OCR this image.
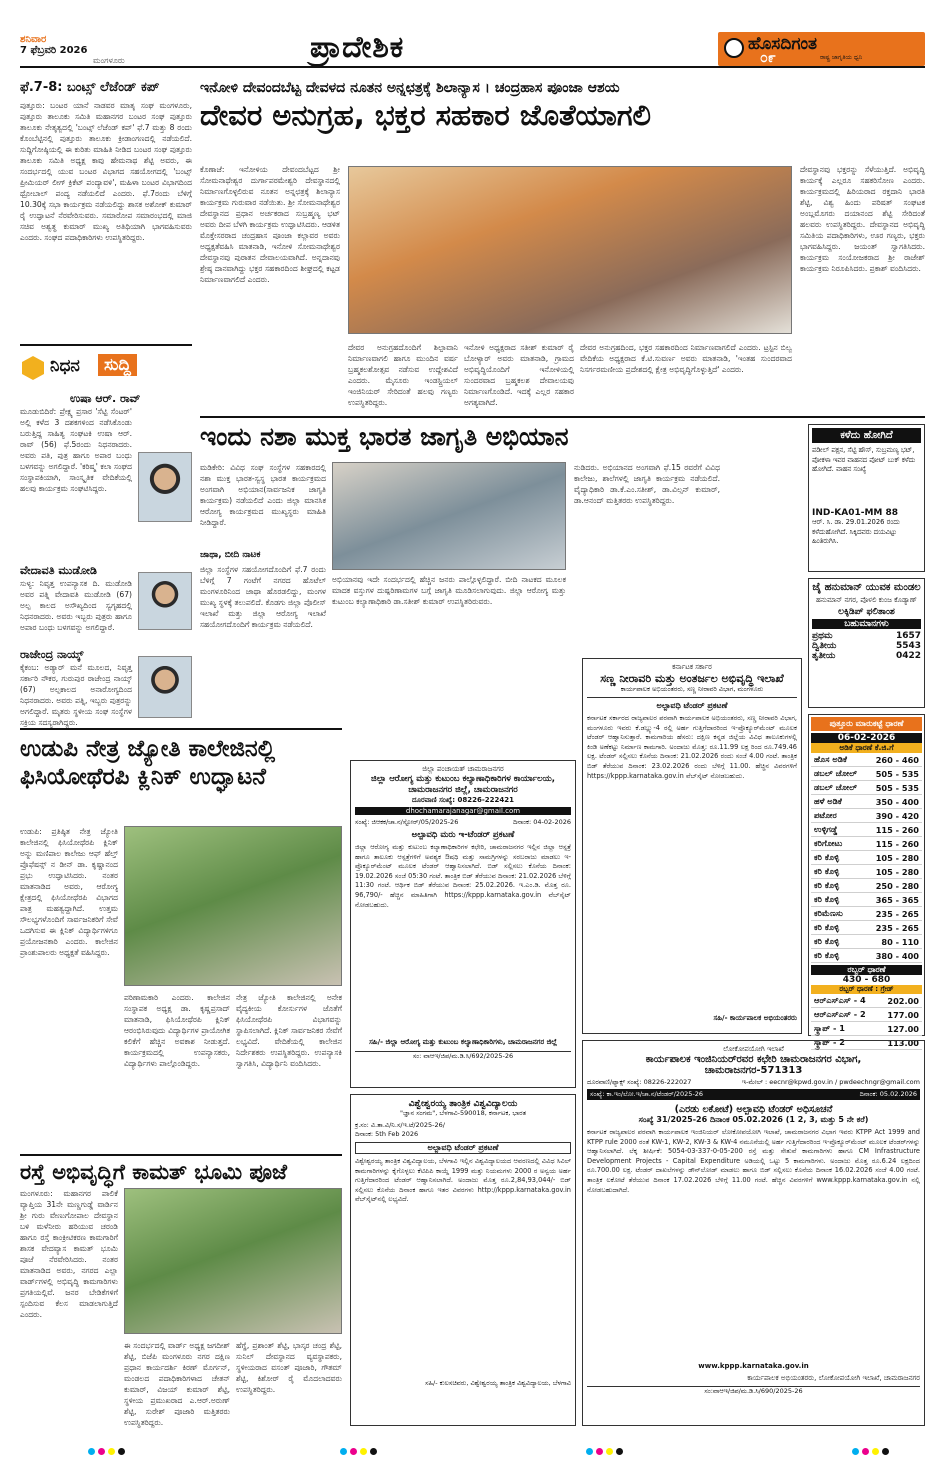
ಶನಿವಾರ
7 ಫೆಬ್ರವರಿ 2026
ಮಂಗಳೂರು	ಪ್ರಾದೇಶಿಕ	ಹೊಸದಿಗಂತ
ರಾಷ್ಟ್ರ ಜಾಗೃತಿಯ ಧ್ವನಿ
೦೯
ಫೆ.7-8: ಬಂಟ್ಸ್ ಲೆಜೆಂಡ್ ಕಪ್
ಪುತ್ತೂರು: ಬಂಟರ ಯಾನೆ ನಾಡವರ ಮಾತೃ ಸಂಘ ಮಂಗಳೂರು, ಪುತ್ತೂರು ತಾಲೂಕು ಸಮಿತಿ ಮಹಾನಗರ ಬಂಟರ ಸಂಘ ಪುತ್ತೂರು ತಾಲೂಕು ನೇತೃತ್ವದಲ್ಲಿ 'ಬಂಟ್ಸ್ ಲೆಜೆಂಡ್ ಕಪ್' ಫೆ.7 ಮತ್ತು 8 ರಂದು ಕೊಂಬೆಟ್ಟಿನಲ್ಲಿ ಪುತ್ತೂರು ತಾಲೂಕು ಕ್ರೀಡಾಂಗಣದಲ್ಲಿ ನಡೆಯಲಿದೆ. ಸುದ್ದಿಗೋಷ್ಠಿಯಲ್ಲಿ ಈ ಕುರಿತು ಮಾಹಿತಿ ನೀಡಿದ ಬಂಟರ ಸಂಘ ಪುತ್ತೂರು ತಾಲೂಕು ಸಮಿತಿ ಅಧ್ಯಕ್ಷ ಕಾವು ಹೇಮನಾಥ ಶೆಟ್ಟಿ ಅವರು, ಈ ಸಂದರ್ಭದಲ್ಲಿ ಯುವ ಬಂಟರ ವಿಭಾಗದ ಸಹಯೋಗದಲ್ಲಿ 'ಬಂಟ್ಸ್ ಪ್ರೀಮಿಯರ್ ಲೀಗ್ ಕ್ರಿಕೆಟ್ ಪಂದ್ಯಾವಳಿ', ಮಹಿಳಾ ಬಂಟರ ವಿಭಾಗದಿಂದ ಥ್ರೋಬಾಲ್ ಪಂದ್ಯ ನಡೆಯಲಿದೆ ಎಂದರು. ಫೆ.7ರಂದು ಬೆಳಿಗ್ಗೆ 10.30ಕ್ಕೆ ಸಭಾ ಕಾರ್ಯಕ್ರಮ ನಡೆಯಲಿದ್ದು ಶಾಸಕ ಅಶೋಕ್ ಕುಮಾರ್ ರೈ ಉದ್ಘಾಟನೆ ನೆರವೇರಿಸುವರು. ಸಮಾರೋಪ ಸಮಾರಂಭದಲ್ಲಿ ಮಾಜಿ ಸಚಿವ ಅಶ್ವತ್ಥ ಕುಮಾರ್ ಮುಖ್ಯ ಅತಿಥಿಯಾಗಿ ಭಾಗವಹಿಸುವರು ಎಂದರು. ಸಂಘದ ಪದಾಧಿಕಾರಿಗಳು ಉಪಸ್ಥಿತರಿದ್ದರು.
ನಿಧನ	ಸುದ್ದಿ
ಉಷಾ ಆರ್. ರಾವ್
ಮೂಡುಬಿದಿರೆ: ಪ್ರೇಕ್ಷ್ಯ ಪ್ರಸಾರ 'ಸೆಟ್ಟಿ ಸೆಂಟರ್' ಅಲ್ಲಿ ಕಳೆದ 3 ದಶಕಗಳಿಂದ ನಡೆಸಿಕೊಂಡು ಬರುತ್ತಿದ್ದ ಸಾಹಿತ್ಯ ಸಂಘಟಕಿ ಉಷಾ ಆರ್. ರಾವ್ (56) ಫೆ.5ರಂದು ನಿಧನರಾದರು. ಅವರು ಪತಿ, ಪುತ್ರ ಹಾಗೂ ಅಪಾರ ಬಂಧು ಬಳಗವನ್ನು ಅಗಲಿದ್ದಾರೆ. 'ಕರಿಷ್ಮ' ಕಲಾ ಸಂಘದ ಸಂಸ್ಥಾಪಕಿಯಾಗಿ, ಸಾಂಸ್ಕೃತಿಕ ವೇದಿಕೆಯಲ್ಲಿ ಹಲವು ಕಾರ್ಯಕ್ರಮ ಸಂಘಟಿಸಿದ್ದರು.
ವೇದಾವತಿ ಮುಡೋಡಿ
ಸುಳ್ಯ: ನಿವೃತ್ತ ಉಪನ್ಯಾಸಕ ದಿ. ಮುಡೋಡಿ ಅವರ ಪತ್ನಿ ವೇದಾವತಿ ಮುಡೋಡಿ (67) ಅಲ್ಪ ಕಾಲದ ಅಸೌಖ್ಯದಿಂದ ಸ್ವಗೃಹದಲ್ಲಿ ನಿಧನರಾದರು. ಅವರು ಇಬ್ಬರು ಪುತ್ರರು ಹಾಗೂ ಅಪಾರ ಬಂಧು ಬಳಗವನ್ನು ಅಗಲಿದ್ದಾರೆ.
ರಾಜೇಂದ್ರ ನಾಯ್ಕ್
ಕೈಕಂಬ: ಅಡ್ಯಾರ್ ಮನೆ ಮೂಲದ, ನಿವೃತ್ತ ಸರ್ಕಾರಿ ನೌಕರ, ಗುರುಪುರ ರಾಜೇಂದ್ರ ನಾಯ್ಕ್ (67) ಅಲ್ಪಕಾಲದ ಅನಾರೋಗ್ಯದಿಂದ ನಿಧನರಾದರು. ಅವರು ಪತ್ನಿ, ಇಬ್ಬರು ಪುತ್ರರನ್ನು ಅಗಲಿದ್ದಾರೆ. ಮೃತರು ಸ್ಥಳೀಯ ಸಂಘ ಸಂಸ್ಥೆಗಳ ಸಕ್ರಿಯ ಸದಸ್ಯರಾಗಿದ್ದರು.
ಇನೋಳಿ ದೇವಂದಬೆಟ್ಟ ದೇವಳದ ನೂತನ ಅನ್ನಛತ್ರಕ್ಕೆ ಶಿಲಾನ್ಯಾಸ । ಚಂದ್ರಹಾಸ ಪೂಂಜಾ ಆಶಯ
ದೇವರ ಅನುಗ್ರಹ, ಭಕ್ತರ ಸಹಕಾರ ಜೊತೆಯಾಗಲಿ
ಕೊಣಾಜೆ: ಇನೋಳಿಯ ದೇವಂದಬೆಟ್ಟದ ಶ್ರೀ ಸೋಮನಾಥೇಶ್ವರ ದುರ್ಗಾಪರಮೇಶ್ವರಿ ದೇವಸ್ಥಾನದಲ್ಲಿ ನಿರ್ಮಾಣಗೊಳ್ಳಲಿರುವ ನೂತನ ಅನ್ನಛತ್ರಕ್ಕೆ ಶಿಲಾನ್ಯಾಸ ಕಾರ್ಯಕ್ರಮ ಗುರುವಾರ ನಡೆಯಿತು. ಶ್ರೀ ಸೋಮನಾಥೇಶ್ವರ ದೇವಸ್ಥಾನದ ಪ್ರಧಾನ ಅರ್ಚಕರಾದ ಸುಬ್ರಹ್ಮಣ್ಯ ಭಟ್ ಅವರು ದೀಪ ಬೆಳಗಿ ಕಾರ್ಯಕ್ರಮ ಉದ್ಘಾಟಿಸಿದರು. ಆಡಳಿತ ಮೊಕ್ತೇಸರರಾದ ಚಂದ್ರಹಾಸ ಪೂಂಜಾ ಕಲ್ಲಾವರ ಅವರು ಅಧ್ಯಕ್ಷತೆವಹಿಸಿ ಮಾತನಾಡಿ, ಇನೋಳಿ ಸೋಮನಾಥೇಶ್ವರ ದೇವಸ್ಥಾನವು ಪುರಾತನ ದೇವಾಲಯವಾಗಿದೆ. ಅನ್ನದಾನವು ಶ್ರೇಷ್ಠ ದಾನವಾಗಿದ್ದು ಭಕ್ತರ ಸಹಕಾರದಿಂದ ಶೀಘ್ರದಲ್ಲಿ ಕಟ್ಟಡ ನಿರ್ಮಾಣವಾಗಲಿದೆ ಎಂದರು.
ದೇವರ ಅನುಗ್ರಹದೊಂದಿಗೆ ಶಿಲ್ಪಾವಾನಿ ನಿರ್ಮಾಣವಾಗಲಿ ಹಾಗೂ ಮುಂದಿನ ವರ್ಷ ಬ್ರಹ್ಮಕಲಶೋತ್ಸವ ನಡೆಸುವ ಉದ್ದೇಶವಿದೆ ಎಂದರು. ಮೈಸೂರು ಇಂಡಸ್ಟ್ರಿಯಲ್ ಇಂಜಿನಿಯರ್ ಸೇರಿದಂತೆ ಹಲವು ಗಣ್ಯರು ಉಪಸ್ಥಿತರಿದ್ದರು.
ಇನೋಳಿ ಅಧ್ಯಕ್ಷರಾದ ಸತೀಶ್ ಕುಮಾರ್ ರೈ ಬೋಳ್ಯಾರ್ ಅವರು ಮಾತನಾಡಿ, ಗ್ರಾಮದ ಅಭಿವೃದ್ಧಿಯೊಂದಿಗೆ ಇನೋಳಿಯಲ್ಲಿ ಸುಂದರವಾದ ಬ್ರಹ್ಮಕಲಶ ದೇವಾಲಯವು ನಿರ್ಮಾಣಗೊಂಡಿದೆ. ಇದಕ್ಕೆ ಎಲ್ಲರ ಸಹಕಾರ ಅಗತ್ಯವಾಗಿದೆ.
ದೇವರ ಅನುಗ್ರಹದಿಂದ, ಭಕ್ತರ ಸಹಕಾರದಿಂದ ನಿರ್ಮಾಣವಾಗಲಿದೆ ಎಂದರು. ಟ್ರಸ್ಟಿನ ಬಿಲ್ವ ವೇದಿಕೆಯ ಅಧ್ಯಕ್ಷರಾದ ಕೆ.ಟಿ.ಸುವರ್ಣ ಅವರು ಮಾತನಾಡಿ, 'ಇಂತಹ ಸುಂದರವಾದ ನಿಸರ್ಗರಮಣೀಯ ಪ್ರದೇಶದಲ್ಲಿ ಕ್ಷೇತ್ರ ಅಭಿವೃದ್ಧಿಗೊಳ್ಳುತ್ತಿದೆ' ಎಂದರು.
ದೇವಸ್ಥಾನವು ಭಕ್ತರನ್ನು ಸೆಳೆಯುತ್ತಿದೆ. ಅಭಿವೃದ್ಧಿ ಕಾರ್ಯಕ್ಕೆ ಎಲ್ಲರೂ ಸಹಕರಿಸೋಣ ಎಂದರು. ಕಾರ್ಯಕ್ರಮದಲ್ಲಿ ಹಿರಿಯರಾದ ರಕ್ತದಾನಿ ಭಾರತಿ ಶೆಟ್ಟಿ, ವಿಶ್ವ ಹಿಂದು ಪರಿಷತ್ ಸಂಘಟಕ ಅಂಬ್ಲಮೊಗರು ದಯಾನಂದ ಶೆಟ್ಟಿ ಸೇರಿದಂತೆ ಹಲವರು ಉಪಸ್ಥಿತರಿದ್ದರು. ದೇವಸ್ಥಾನದ ಅಭಿವೃದ್ಧಿ ಸಮಿತಿಯ ಪದಾಧಿಕಾರಿಗಳು, ಊರ ಗಣ್ಯರು, ಭಕ್ತರು ಭಾಗವಹಿಸಿದ್ದರು. ಜಯಂತ್ ಸ್ವಾಗತಿಸಿದರು. ಕಾರ್ಯಕ್ರಮ ಸಂಯೋಜಕರಾದ ಶ್ರೀ ರಾಜೇಶ್ ಕಾರ್ಯಕ್ರಮ ನಿರೂಪಿಸಿದರು. ಪ್ರಕಾಶ್ ವಂದಿಸಿದರು.
ಇಂದು ನಶಾ ಮುಕ್ತ ಭಾರತ ಜಾಗೃತಿ ಅಭಿಯಾನ
ಮಡಿಕೇರಿ: ವಿವಿಧ ಸಂಘ ಸಂಸ್ಥೆಗಳ ಸಹಕಾರದಲ್ಲಿ ನಶಾ ಮುಕ್ತ ಭಾರತ-ಸ್ವಸ್ಥ ಭಾರತ ಕಾರ್ಯಕ್ರಮದ ಅಂಗವಾಗಿ ಅಭಿಯಾನ(ಸಾರ್ವಜನಿಕ ಜಾಗೃತಿ ಕಾರ್ಯಕ್ರಮ) ನಡೆಯಲಿದೆ ಎಂದು ಜಿಲ್ಲಾ ಮಾನಸಿಕ ಆರೋಗ್ಯ ಕಾರ್ಯಕ್ರಮದ ಮುಖ್ಯಸ್ಥರು ಮಾಹಿತಿ ನೀಡಿದ್ದಾರೆ.
ನುಡಿದರು. ಅಭಿಯಾನದ ಅಂಗವಾಗಿ ಫೆ.15 ರವರೆಗೆ ವಿವಿಧ ಕಾಲೇಜು, ಶಾಲೆಗಳಲ್ಲಿ ಜಾಗೃತಿ ಕಾರ್ಯಕ್ರಮ ನಡೆಯಲಿದೆ. ವೈದ್ಯಾಧಿಕಾರಿ ಡಾ.ಕೆ.ಎಂ.ಸತೀಶ್, ಡಾ.ವಿಲ್ಸನ್ ಕುಮಾರ್, ಡಾ.ಆನಂದ್ ಮತ್ತಿತರರು ಉಪಸ್ಥಿತರಿದ್ದರು.
ಜಾಥಾ, ಬೀದಿ ನಾಟಕ
ಜಿಲ್ಲಾ ಸಂಸ್ಥೆಗಳ ಸಹಯೋಗದೊಂದಿಗೆ ಫೆ.7 ರಂದು ಬೆಳಿಗ್ಗೆ 7 ಗಂಟೆಗೆ ನಗರದ ಹೊಟೆಲ್ ಮಂಗಳೂರಿನಿಂದ ಜಾಥಾ ಹೊರಡಲಿದ್ದು, ಮಂಗಳ ಮುಖ್ಯ ಸ್ಥಳಕ್ಕೆ ತಲುಪಲಿದೆ. ಕೊಡಗು ಜಿಲ್ಲಾ ಪೊಲೀಸ್ ಇಲಾಖೆ ಮತ್ತು ಜಿಲ್ಲಾ ಆರೋಗ್ಯ ಇಲಾಖೆ ಸಹಯೋಗದೊಂದಿಗೆ ಕಾರ್ಯಕ್ರಮ ನಡೆಯಲಿದೆ.
ಅಭಿಯಾನವು ಇದೇ ಸಂದರ್ಭದಲ್ಲಿ ಹೆಚ್ಚಿನ ಜನರು ಪಾಲ್ಗೊಳ್ಳಲಿದ್ದಾರೆ. ಬೀದಿ ನಾಟಕದ ಮೂಲಕ ಮಾದಕ ವಸ್ತುಗಳ ದುಷ್ಪರಿಣಾಮಗಳ ಬಗ್ಗೆ ಜಾಗೃತಿ ಮೂಡಿಸಲಾಗುವುದು. ಜಿಲ್ಲಾ ಆರೋಗ್ಯ ಮತ್ತು ಕುಟುಂಬ ಕಲ್ಯಾಣಾಧಿಕಾರಿ ಡಾ.ಸತೀಶ್ ಕುಮಾರ್ ಉಪಸ್ಥಿತರಿರುವರು.
ಕಳೆದು ಹೋಗಿದೆ
ಪಡೀಲ್ ಪಕ್ಷನ, ಸೆಟ್ಟಿ ಹೌಸ್, ಸುಬ್ರಮಣ್ಯ ಭಟ್, ಪೋಕಳಾ ಇವರ ವಾಹನದ ಪೋಟ್ ಬುಕ್ ಕಳೆದು ಹೋಗಿದೆ. ವಾಹನ ಸಂಖ್ಯೆ
IND-KA01-MM 88
ಆರ್. ಸಿ. ಡಾ. 29.01.2026 ರಂದು ಕಳೆದುಹೋಗಿದೆ. ಸಿಕ್ಕಿದವರು ದಯವಿಟ್ಟು ಹಿಂತಿರುಗಿಸಿ.
ಜೈ ಹನುಮಾನ್ ಯುವಕ ಮಂಡಲ
ಹನುಮಾನ್ ನಗರ, ಪೊಳಲಿ ಕುಂಜ ಕೊಡ್ಯಾಣ್
ಲಕ್ಕಿಡಿಪ್ ಫಲಿತಾಂಶ
ಬಹುಮಾನಗಳು
ಪ್ರಥಮ	1657
ದ್ವಿತೀಯ	5543
ತೃತೀಯ	0422
ಪುತ್ತೂರು ಮಾರುಕಟ್ಟೆ ಧಾರಣೆ
06-02-2026
ಅಡಿಕೆ ಧಾರಣೆ ಕೆ.ಜಿ.ಗೆ
ಹೊಸ ಅಡಿಕೆ	260 - 460
ಡಬಲ್ ಚೋಲ್	505 - 535
ಡಬಲ್ ಚೋಲ್	505 - 535
ಹಳೆ ಅಡಿಕೆ	350 - 400
ಪಟೋರ	390 - 420
ಉಳ್ಳಿಗಡ್ಡೆ	115 - 260
ಕರಿಗೋಟು	115 - 260
ಕರಿ ಕೊಳ್ಳಿ	105 - 280
ಕರಿ ಕೊಳ್ಳಿ	105 - 280
ಕರಿ ಕೊಳ್ಳಿ	250 - 280
ಕರಿ ಕೊಳ್ಳಿ	365 - 365
ಕರಿಮೆಣಸು	235 - 265
ಕರಿ ಕೊಳ್ಳಿ	235 - 265
ಕರಿ ಕೊಳ್ಳಿ	80 - 110
ಕರಿ ಕೊಳ್ಳಿ	380 - 400
ರಬ್ಬರ್ ಧಾರಣೆ
430 - 680
ರಬ್ಬರ್ ಧಾರಣೆ : ಗ್ರೇಡ್
ಆರ್‌ಎಸ್ಎಸ್ - 4	202.00
ಆರ್‌ಎಸ್ಎಸ್ - 2	177.00
ಸ್ಕ್ರಾಪ್ - 1	127.00
ಸ್ಕ್ರಾಪ್ - 2	113.00
ಕರ್ನಾಟಕ ಸರ್ಕಾರ
ಸಣ್ಣ ನೀರಾವರಿ ಮತ್ತು ಅಂತರ್ಜಲ ಅಭಿವೃದ್ಧಿ ಇಲಾಖೆ
ಕಾರ್ಯಪಾಲಕ ಅಭಿಯಂತರರು, ಸಣ್ಣ ನೀರಾವರಿ ವಿಭಾಗ, ಮಂಗಳೂರು
ಅಲ್ಪಾವಧಿ ಟೆಂಡರ್ ಪ್ರಕಟಣೆ
ಕರ್ನಾಟಕ ಸರ್ಕಾರದ ರಾಜ್ಯಪಾಲರ ಪರವಾಗಿ ಕಾರ್ಯಪಾಲಕ ಅಭಿಯಂತರರು, ಸಣ್ಣ ನೀರಾವರಿ ವಿಭಾಗ, ಮಂಗಳೂರು ಇವರು ಕೆ.ಡಬ್ಲ್ಯು-4 ರಲ್ಲಿ ಅರ್ಹ ಗುತ್ತಿಗೆದಾರರಿಂದ ಇ-ಪ್ರೊಕ್ಯೂರ್‌ಮೆಂಟ್ ಮೂಲಕ ಟೆಂಡರ್ ಆಹ್ವಾನಿಸುತ್ತಾರೆ. ಕಾಮಗಾರಿಯ ಹೆಸರು: ದಕ್ಷಿಣ ಕನ್ನಡ ಜಿಲ್ಲೆಯ ವಿವಿಧ ತಾಲೂಕುಗಳಲ್ಲಿ ಕಿಂಡಿ ಅಣೆಕಟ್ಟು ನಿರ್ಮಾಣ ಕಾಮಗಾರಿ. ಅಂದಾಜು ಮೊತ್ತ: ರೂ.11.99 ಲಕ್ಷ ರಿಂದ ರೂ.749.46 ಲಕ್ಷ. ಟೆಂಡರ್ ಸಲ್ಲಿಸಲು ಕೊನೆಯ ದಿನಾಂಕ: 21.02.2026 ರಂದು ಸಂಜೆ 4.00 ಗಂಟೆ. ತಾಂತ್ರಿಕ ಬಿಡ್ ತೆರೆಯುವ ದಿನಾಂಕ: 23.02.2026 ರಂದು ಬೆಳಿಗ್ಗೆ 11.00. ಹೆಚ್ಚಿನ ವಿವರಗಳಿಗೆ https://kppp.karnataka.gov.in ವೆಬ್‌ಸೈಟ್ ನೋಡಬಹುದು.
ಸಹಿ/- ಕಾರ್ಯಪಾಲಕ ಅಭಿಯಂತರರು
ಉಡುಪಿ ನೇತ್ರ ಜ್ಯೋತಿ ಕಾಲೇಜಿನಲ್ಲಿ
ಫಿಸಿಯೋಥೆರಪಿ ಕ್ಲಿನಿಕ್ ಉದ್ಘಾಟನೆ
ಉಡುಪಿ: ಪ್ರತಿಷ್ಠಿತ ನೇತ್ರ ಜ್ಯೋತಿ ಕಾಲೇಜಿನಲ್ಲಿ ಫಿಸಿಯೋಥೆರಪಿ ಕ್ಲಿನಿಕ್ ಅನ್ನು ಮಣಿಪಾಲ ಕಾಲೇಜು ಆಫ್ ಹೆಲ್ತ್ ಪ್ರೊಫೆಷನ್ಸ್ ನ ಡೀನ್ ಡಾ. ಕೃಷ್ಣಾನಂದ ಪ್ರಭು ಉದ್ಘಾಟಿಸಿದರು. ನಂತರ ಮಾತನಾಡಿದ ಅವರು, ಆರೋಗ್ಯ ಕ್ಷೇತ್ರದಲ್ಲಿ ಫಿಸಿಯೋಥೆರಪಿ ವಿಭಾಗದ ಪಾತ್ರ ಮಹತ್ವದ್ದಾಗಿದೆ. ಉತ್ತಮ ಸೌಲಭ್ಯಗಳೊಂದಿಗೆ ಸಾರ್ವಜನಿಕರಿಗೆ ಸೇವೆ ಒದಗಿಸುವ ಈ ಕ್ಲಿನಿಕ್ ವಿದ್ಯಾರ್ಥಿಗಳಿಗೂ ಪ್ರಯೋಜನಕಾರಿ ಎಂದರು. ಕಾಲೇಜಿನ ಪ್ರಾಂಶುಪಾಲರು ಅಧ್ಯಕ್ಷತೆ ವಹಿಸಿದ್ದರು.
ಪರಿಣಾಮಕಾರಿ ಎಂದರು. ಕಾಲೇಜಿನ ಸಂಸ್ಥಾಪಕ ಅಧ್ಯಕ್ಷ ಡಾ. ಕೃಷ್ಣಪ್ರಸಾದ್ ಮಾತನಾಡಿ, ಫಿಸಿಯೋಥೆರಪಿ ಕ್ಲಿನಿಕ್ ಆರಂಭಿಸಿರುವುದು ವಿದ್ಯಾರ್ಥಿಗಳ ಪ್ರಾಯೋಗಿಕ ಕಲಿಕೆಗೆ ಹೆಚ್ಚಿನ ಅವಕಾಶ ನೀಡುತ್ತದೆ. ಕಾರ್ಯಕ್ರಮದಲ್ಲಿ ಉಪನ್ಯಾಸಕರು, ವಿದ್ಯಾರ್ಥಿಗಳು ಪಾಲ್ಗೊಂಡಿದ್ದರು.
ನೇತ್ರ ಜ್ಯೋತಿ ಕಾಲೇಜಿನಲ್ಲಿ ಅನೇಕ ವೈದ್ಯಕೀಯ ಕೋರ್ಸುಗಳ ಜೊತೆಗೆ ಫಿಸಿಯೋಥೆರಪಿ ವಿಭಾಗವನ್ನು ಸ್ಥಾಪಿಸಲಾಗಿದೆ. ಕ್ಲಿನಿಕ್ ಸಾರ್ವಜನಿಕರ ಸೇವೆಗೆ ಲಭ್ಯವಿದೆ. ವೇದಿಕೆಯಲ್ಲಿ ಕಾಲೇಜಿನ ನಿರ್ದೇಶಕರು ಉಪಸ್ಥಿತರಿದ್ದರು. ಉಪನ್ಯಾಸಕಿ ಸ್ವಾಗತಿಸಿ, ವಿದ್ಯಾರ್ಥಿನಿ ವಂದಿಸಿದರು.
ಜಿಲ್ಲಾ ಪಂಚಾಯತ್ ಚಾಮರಾಜನಗರ
ಜಿಲ್ಲಾ ಆರೋಗ್ಯ ಮತ್ತು ಕುಟುಂಬ ಕಲ್ಯಾಣಾಧಿಕಾರಿಗಳ ಕಾರ್ಯಾಲಯ, ಚಾಮರಾಜನಗರ ಜಿಲ್ಲೆ, ಚಾಮರಾಜನಗರ
ದೂರವಾಣಿ ಸಂಖ್ಯೆ: 08226-222421
dhochamarajanagar@gmail.com
ಸಂಖ್ಯೆ: ಜಿಆಕಕ/ಚಾ.ನ/ಸ್ಟೋರ್/05/2025-26	ದಿನಾಂಕ: 04-02-2026
ಅಲ್ಪಾವಧಿ ಮರು ಇ-ಟೆಂಡರ್ ಪ್ರಕಟಣೆ
ಜಿಲ್ಲಾ ಆರೋಗ್ಯ ಮತ್ತು ಕುಟುಂಬ ಕಲ್ಯಾಣಾಧಿಕಾರಿಗಳ ಕಛೇರಿ, ಚಾಮರಾಜನಗರ ಇಲ್ಲಿನ ಜಿಲ್ಲಾ ಆಸ್ಪತ್ರೆ ಹಾಗೂ ತಾಲೂಕು ಆಸ್ಪತ್ರೆಗಳಿಗೆ ಅವಶ್ಯಕ ಔಷಧಿ ಮತ್ತು ಸಾಮಗ್ರಿಗಳನ್ನು ಸರಬರಾಜು ಮಾಡಲು ಇ-ಪ್ರೊಕ್ಯೂರ್‌ಮೆಂಟ್ ಮೂಲಕ ಟೆಂಡರ್ ಆಹ್ವಾನಿಸಲಾಗಿದೆ. ಬಿಡ್ ಸಲ್ಲಿಸಲು ಕೊನೆಯ ದಿನಾಂಕ: 19.02.2026 ಸಂಜೆ 05:30 ಗಂಟೆ. ತಾಂತ್ರಿಕ ಬಿಡ್ ತೆರೆಯುವ ದಿನಾಂಕ: 21.02.2026 ಬೆಳಿಗ್ಗೆ 11:30 ಗಂಟೆ. ಆರ್ಥಿಕ ಬಿಡ್ ತೆರೆಯುವ ದಿನಾಂಕ: 25.02.2026. ಇ.ಎಂ.ಡಿ. ಮೊತ್ತ ರೂ. 96,790/- ಹೆಚ್ಚಿನ ಮಾಹಿತಿಗಾಗಿ https://kppp.karnataka.gov.in ವೆಬ್‌ಸೈಟ್ ನೋಡಬಹುದು.
ಸಹಿ/- ಜಿಲ್ಲಾ ಆರೋಗ್ಯ ಮತ್ತು ಕುಟುಂಬ ಕಲ್ಯಾಣಾಧಿಕಾರಿಗಳು, ಚಾಮರಾಜನಗರ ಜಿಲ್ಲೆ
ಸಂ: ವಾಆಇ/ಜಿಪ/ಮ.ಡಿ.ಸಿ/692/2025-26
ವಿಶ್ವೇಶ್ವರಯ್ಯ ತಾಂತ್ರಿಕ ವಿಶ್ವವಿದ್ಯಾಲಯ
"ಜ್ಞಾನ ಸಂಗಮ", ಬೆಳಗಾವಿ-590018, ಕರ್ನಾಟಕ, ಭಾರತ
ಕ್ರ.ಸಂ: ವಿ.ತಾ.ವಿ/ನಿ.ಸ/ಇ.ಟೆ/2025-26/
ದಿನಾಂಕ: 5th Feb 2026
ಅಲ್ಪಾವಧಿ ಟೆಂಡರ್ ಪ್ರಕಟಣೆ
ವಿಶ್ವೇಶ್ವರಯ್ಯ ತಾಂತ್ರಿಕ ವಿಶ್ವವಿದ್ಯಾಲಯ, ಬೆಳಗಾವಿ ಇಲ್ಲಿನ ವಿಶ್ವವಿದ್ಯಾಲಯದ ಆವರಣದಲ್ಲಿ ವಿವಿಧ ಸಿವಿಲ್ ಕಾಮಗಾರಿಗಳನ್ನು ಕೈಗೊಳ್ಳಲು ಕೆಟಿಪಿಪಿ ಕಾಯ್ದೆ 1999 ಮತ್ತು ನಿಯಮಗಳು 2000 ರ ಅನ್ವಯ ಅರ್ಹ ಗುತ್ತಿಗೆದಾರರಿಂದ ಟೆಂಡರ್ ಆಹ್ವಾನಿಸಲಾಗಿದೆ. ಅಂದಾಜು ಮೊತ್ತ ರೂ.2,84,93,044/- ಬಿಡ್ ಸಲ್ಲಿಸಲು ಕೊನೆಯ ದಿನಾಂಕ ಹಾಗೂ ಇತರ ವಿವರಗಳು http://kppp.karnataka.gov.in ವೆಬ್‌ಸೈಟ್‌ನಲ್ಲಿ ಲಭ್ಯವಿದೆ.
ಸಹಿ/- ಕುಲಸಚಿವರು, ವಿಶ್ವೇಶ್ವರಯ್ಯ ತಾಂತ್ರಿಕ ವಿಶ್ವವಿದ್ಯಾಲಯ, ಬೆಳಗಾವಿ
ಲೋಕೋಪಯೋಗಿ ಇಲಾಖೆ
ಕಾರ್ಯಪಾಲಕ ಇಂಜಿನಿಯರ್‌ರವರ ಕಛೇರಿ ಚಾಮರಾಜನಗರ ವಿಭಾಗ,
ಚಾಮರಾಜನಗರ-571313
ದೂರವಾಣಿ/ಫ್ಯಾಕ್ಸ್ ಸಂಖ್ಯೆ: 08226-222027	ಇ-ಮೇಲ್ : eecnr@kpwd.gov.in / pwdeechngr@gmail.com
ಸಂಖ್ಯೆ: ಕಾ.ಇಂ/ಲೋ.ಇ/ಚಾ.ನ/ಟೆಂಡರ್/2025-26	ದಿನಾಂಕ: 05.02.2026
(ಎರಡು ಲಕೋಟೆ) ಅಲ್ಪಾವಧಿ ಟೆಂಡರ್ ಅಧಿಸೂಚನೆ
ಸಂಖ್ಯೆ 31/2025-26 ದಿನಾಂಕ 05.02.2026 (1 2, 3, ಮತ್ತು 5 ನೇ ಕರೆ)
ಕರ್ನಾಟಕ ರಾಜ್ಯಪಾಲರ ಪರವಾಗಿ ಕಾರ್ಯಪಾಲಕ ಇಂಜಿನಿಯರ್ ಲೋಕೋಪಯೋಗಿ ಇಲಾಖೆ, ಚಾಮರಾಜನಗರ ವಿಭಾಗ ಇವರು KTPP Act 1999 and KTPP rule 2000 ರಂತೆ KW-1, KW-2, KW-3 & KW-4 ನಮೂನೆಯಲ್ಲಿ ಅರ್ಹ ಗುತ್ತಿಗೆದಾರರಿಂದ ಇ-ಪ್ರೊಕ್ಯೂರ್‌ಮೆಂಟ್ ಮೂಲಕ ಟೆಂಡರ್‌ಗಳನ್ನು ಆಹ್ವಾನಿಸಲಾಗಿದೆ. ಲೆಕ್ಕ ಶೀರ್ಷಿಕೆ: 5054-03-337-0-05-200 ರಸ್ತೆ ಮತ್ತು ಸೇತುವೆ ಕಾಮಗಾರಿಗಳು ಹಾಗೂ CM Infrastructure Development Projects - Capital Expenditure ಅಡಿಯಲ್ಲಿ ಒಟ್ಟು 5 ಕಾಮಗಾರಿಗಳು. ಅಂದಾಜು ಮೊತ್ತ ರೂ.6.24 ಲಕ್ಷದಿಂದ ರೂ.700.00 ಲಕ್ಷ. ಟೆಂಡರ್ ದಾಖಲೆಗಳನ್ನು ಡೌನ್‌ಲೋಡ್ ಮಾಡಲು ಹಾಗೂ ಬಿಡ್ ಸಲ್ಲಿಸಲು ಕೊನೆಯ ದಿನಾಂಕ 16.02.2026 ಸಂಜೆ 4.00 ಗಂಟೆ. ತಾಂತ್ರಿಕ ಲಕೋಟೆ ತೆರೆಯುವ ದಿನಾಂಕ 17.02.2026 ಬೆಳಿಗ್ಗೆ 11.00 ಗಂಟೆ. ಹೆಚ್ಚಿನ ವಿವರಗಳಿಗೆ www.kppp.karnataka.gov.in ನಲ್ಲಿ ನೋಡಬಹುದಾಗಿದೆ.
www.kppp.karnataka.gov.in
ಕಾರ್ಯಪಾಲಕ ಅಭಿಯಂತರರು, ಲೋಕೋಪಯೋಗಿ ಇಲಾಖೆ, ಚಾಮರಾಜನಗರ
ಸಂ:ವಾಆಇ/ಜಿಪ/ಮ.ಡಿ.ಸಿ/690/2025-26
ರಸ್ತೆ ಅಭಿವೃದ್ಧಿಗೆ ಕಾಮತ್ ಭೂಮಿ ಪೂಜೆ
ಮಂಗಳೂರು: ಮಹಾನಗರ ಪಾಲಿಕೆ ವ್ಯಾಪ್ತಿಯ 31ನೇ ಮಣ್ಣಗುಡ್ಡೆ ವಾರ್ಡಿನ ಶ್ರೀ ಗುರು ವೇಣುಗೋಪಾಲ ದೇವಸ್ಥಾನ ಬಳಿ ಮಳೆನೀರು ಹರಿಯುವ ಚರಂಡಿ ಹಾಗೂ ರಸ್ತೆ ಕಾಂಕ್ರೀಟಿಕರಣ ಕಾಮಗಾರಿಗೆ ಶಾಸಕ ವೇದವ್ಯಾಸ ಕಾಮತ್ ಭೂಮಿ ಪೂಜೆ ನೆರವೇರಿಸಿದರು. ನಂತರ ಮಾತನಾಡಿದ ಅವರು, ನಗರದ ಎಲ್ಲಾ ವಾರ್ಡ್‌ಗಳಲ್ಲಿ ಅಭಿವೃದ್ಧಿ ಕಾಮಗಾರಿಗಳು ಪ್ರಗತಿಯಲ್ಲಿವೆ. ಜನರ ಬೇಡಿಕೆಗಳಿಗೆ ಸ್ಪಂದಿಸುವ ಕೆಲಸ ಮಾಡಲಾಗುತ್ತಿದೆ ಎಂದರು.
ಈ ಸಂದರ್ಭದಲ್ಲಿ ವಾರ್ಡ್ ಅಧ್ಯಕ್ಷ ಜಗದೀಶ್ ಶೆಟ್ಟಿ, ಬಿಜೆಪಿ ಮಂಗಳೂರು ನಗರ ದಕ್ಷಿಣ ಪ್ರಧಾನ ಕಾರ್ಯದರ್ಶಿ ಕಿರಣ್ ಮೊರ್ಗನ್, ಮಂಡಲದ ಪದಾಧಿಕಾರಿಗಳಾದ ಚೇತನ್ ಕುಮಾರ್, ವಿಜಯ್ ಕುಮಾರ್ ಶೆಟ್ಟಿ, ಸ್ಥಳೀಯ ಪ್ರಮುಖರಾದ ಎ.ಆರ್.ಅರುಣ್ ಶೆಟ್ಟಿ, ಸುರೇಶ್ ಪೂಜಾರಿ ಮತ್ತಿತರರು ಉಪಸ್ಥಿತರಿದ್ದರು.
ಹೆಗ್ಡೆ, ಪ್ರಶಾಂತ್ ಶೆಟ್ಟಿ, ಭಾಸ್ಕರ ಚಂದ್ರ ಶೆಟ್ಟಿ, ಸುನಿಲ್ ದೇವಸ್ಥಾನದ ವ್ಯವಸ್ಥಾಪಕರು, ಸ್ಥಳೀಯರಾದ ವಸಂತ್ ಪೂಜಾರಿ, ಗೌತಮ್ ಶೆಟ್ಟಿ, ಕಿಶೋರ್ ರೈ ಮೊದಲಾದವರು ಉಪಸ್ಥಿತರಿದ್ದರು.
